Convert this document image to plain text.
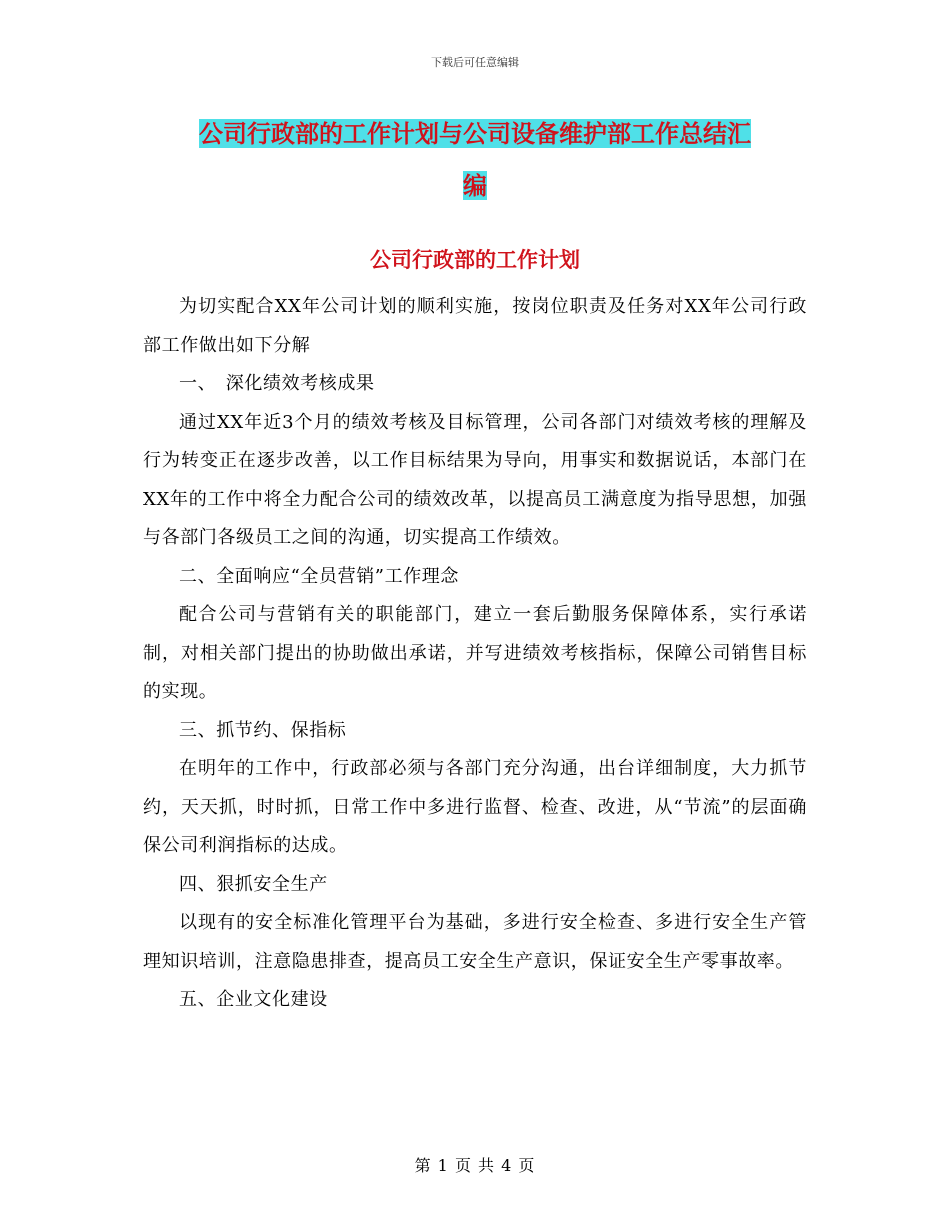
下载后可任意编辑
公司行政部的工作计划与公司设备维护部工作总结汇
编
公司行政部的工作计划

为切实配合XX年公司计划的顺利实施，按岗位职责及任务对XX年公司行政部工作做出如下分解

一、　深化绩效考核成果

通过XX年近3个月的绩效考核及目标管理，公司各部门对绩效考核的理解及行为转变正在逐步改善，以工作目标结果为导向，用事实和数据说话，本部门在XX年的工作中将全力配合公司的绩效改革，以提高员工满意度为指导思想，加强与各部门各级员工之间的沟通，切实提高工作绩效。

二、全面响应“全员营销”工作理念

配合公司与营销有关的职能部门，建立一套后勤服务保障体系，实行承诺制，对相关部门提出的协助做出承诺，并写进绩效考核指标，保障公司销售目标的实现。

三、抓节约、保指标

在明年的工作中，行政部必须与各部门充分沟通，出台详细制度，大力抓节约，天天抓，时时抓，日常工作中多进行监督、检查、改进，从“节流”的层面确保公司利润指标的达成。

四、狠抓安全生产

以现有的安全标准化管理平台为基础，多进行安全检查、多进行安全生产管理知识培训，注意隐患排查，提高员工安全生产意识，保证安全生产零事故率。

五、企业文化建设

第 1 页 共 4 页
